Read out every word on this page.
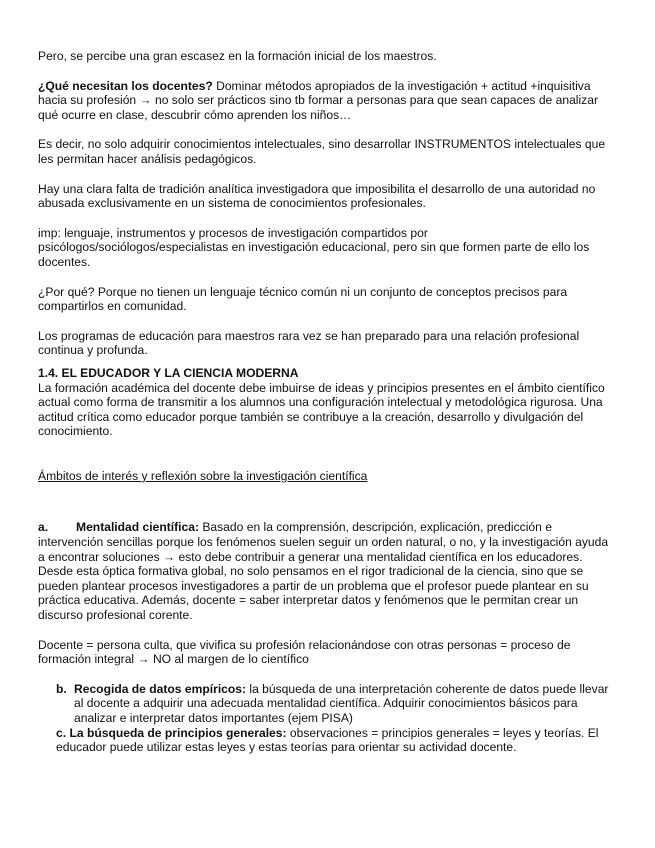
Pero, se percibe una gran escasez en la formación inicial de los maestros.

¿Qué necesitan los docentes? Dominar métodos apropiados de la investigación + actitud +inquisitiva hacia su profesión → no solo ser prácticos sino tb formar a personas para que sean capaces de analizar qué ocurre en clase, descubrir cómo aprenden los niños…

Es decir, no solo adquirir conocimientos intelectuales, sino desarrollar INSTRUMENTOS intelectuales que les permitan hacer análisis pedagógicos.

Hay una clara falta de tradición analítica investigadora que imposibilita el desarrollo de una autoridad no abusada exclusivamente en un sistema de conocimientos profesionales.

imp: lenguaje, instrumentos y procesos de investigación compartidos por psicólogos/sociólogos/especialistas en investigación educacional, pero sin que formen parte de ello los docentes.

¿Por qué? Porque no tienen un lenguaje técnico común ni un conjunto de conceptos precisos para compartirlos en comunidad.

Los programas de educación para maestros rara vez se han preparado para una relación profesional continua y profunda.

1.4. EL EDUCADOR Y LA CIENCIA MODERNA

La formación académica del docente debe imbuirse de ideas y principios presentes en el ámbito científico actual como forma de transmitir a los alumnos una configuración intelectual y metodológica rigurosa. Una actitud crítica como educador porque también se contribuye a la creación, desarrollo y divulgación del conocimiento.

Ámbitos de interés y reflexión sobre la investigación científica

a. Mentalidad científica: Basado en la comprensión, descripción, explicación, predicción e intervención sencillas porque los fenómenos suelen seguir un orden natural, o no, y la investigación ayuda a encontrar soluciones → esto debe contribuir a generar una mentalidad científica en los educadores.

Desde esta óptica formativa global, no solo pensamos en el rigor tradicional de la ciencia, sino que se pueden plantear procesos investigadores a partir de un problema que el profesor puede plantear en su práctica educativa. Además, docente = saber interpretar datos y fenómenos que le permitan crear un discurso profesional corente.

Docente = persona culta, que vivifica su profesión relacionándose con otras personas = proceso de formación integral → NO al margen de lo científico

b. Recogida de datos empíricos: la búsqueda de una interpretación coherente de datos puede llevar al docente a adquirir una adecuada mentalidad científica. Adquirir conocimientos básicos para analizar e interpretar datos importantes (ejem PISA)

c. La búsqueda de principios generales: observaciones = principios generales = leyes y teorías. El educador puede utilizar estas leyes y estas teorías para orientar su actividad docente.
